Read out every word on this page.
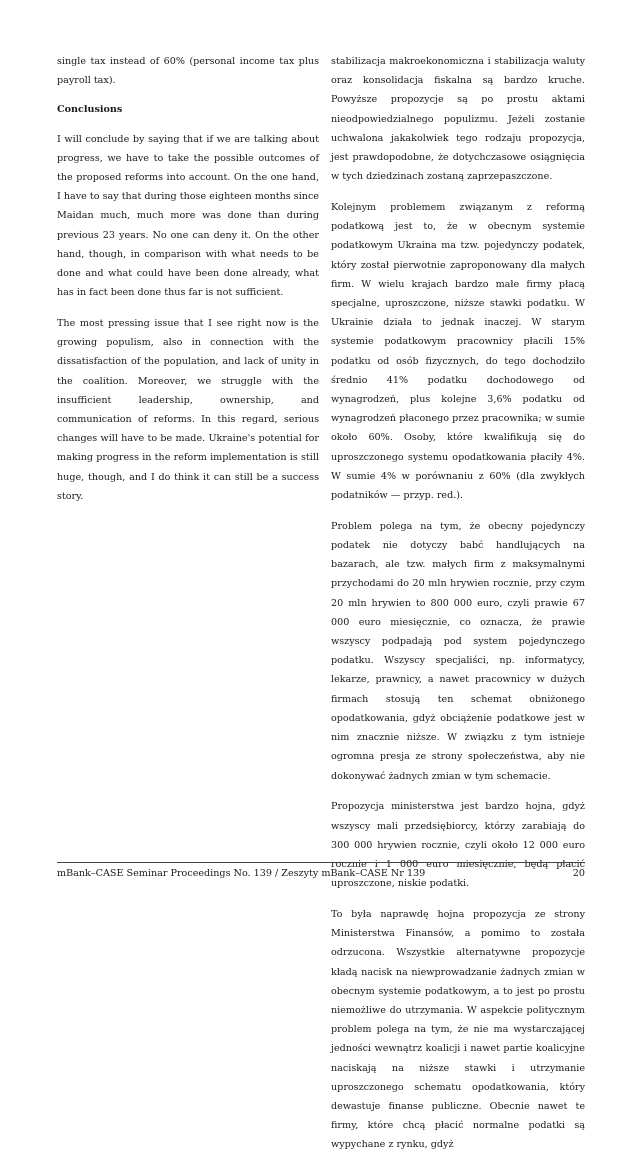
single tax instead of 60% (personal income tax plus payroll tax).

Conclusions

I will conclude by saying that if we are talking about progress, we have to take the possible outcomes of the proposed reforms into account. On the one hand, I have to say that during those eighteen months since Maidan much, much more was done than during previous 23 years. No one can deny it. On the other hand, though, in comparison with what needs to be done and what could have been done already, what has in fact been done thus far is not sufficient.

The most pressing issue that I see right now is the growing populism, also in connection with the dissatisfaction of the population, and lack of unity in the coalition. Moreover, we struggle with the insufficient leadership, ownership, and communication of reforms. In this regard, serious changes will have to be made. Ukraine's potential for making progress in the reform implementation is still huge, though, and I do think it can still be a success story.

stabilizacja makroekonomiczna i stabilizacja waluty oraz konsolidacja fiskalna są bardzo kruche. Powyższe propozycje są po prostu aktami nieodpowiedzialnego populizmu. Jeżeli zostanie uchwalona jakakolwiek tego rodzaju propozycja, jest prawdopodobne, że dotychczasowe osiągnięcia w tych dziedzinach zostaną zaprzepaszczone.

Kolejnym problemem związanym z reformą podatkową jest to, że w obecnym systemie podatkowym Ukraina ma tzw. pojedynczy podatek, który został pierwotnie zaproponowany dla małych firm. W wielu krajach bardzo małe firmy płacą specjalne, uproszczone, niższe stawki podatku. W Ukrainie działa to jednak inaczej. W starym systemie podatkowym pracownicy płacili 15% podatku od osób fizycznych, do tego dochodziło średnio 41% podatku dochodowego od wynagrodzeń, plus kolejne 3,6% podatku od wynagrodzeń płaconego przez pracownika; w sumie około 60%. Osoby, które kwalifikują się do uproszczonego systemu opodatkowania płaciły 4%. W sumie 4% w porównaniu z 60% (dla zwykłych podatników — przyp. red.).

Problem polega na tym, że obecny pojedynczy podatek nie dotyczy babć handlujących na bazarach, ale tzw. małych firm z maksymalnymi przychodami do 20 mln hrywien rocznie, przy czym 20 mln hrywien to 800 000 euro, czyli prawie 67 000 euro miesięcznie, co oznacza, że prawie wszyscy podpadają pod system pojedynczego podatku. Wszyscy specjaliści, np. informatycy, lekarze, prawnicy, a nawet pracownicy w dużych firmach stosują ten schemat obniżonego opodatkowania, gdyż obciążenie podatkowe jest w nim znacznie niższe. W związku z tym istnieje ogromna presja ze strony społeczeństwa, aby nie dokonywać żadnych zmian w tym schemacie.

Propozycja ministerstwa jest bardzo hojna, gdyż wszyscy mali przedsiębiorcy, którzy zarabiają do 300 000 hrywien rocznie, czyli około 12 000 euro rocznie i 1 000 euro miesięcznie, będą płacić uproszczone, niskie podatki.

To była naprawdę hojna propozycja ze strony Ministerstwa Finansów, a pomimo to została odrzucona. Wszystkie alternatywne propozycje kładą nacisk na niewprowadzanie żadnych zmian w obecnym systemie podatkowym, a to jest po prostu niemożliwe do utrzymania. W aspekcie politycznym problem polega na tym, że nie ma wystarczającej jedności wewnątrz koalicji i nawet partie koalicyjne naciskają na niższe stawki i utrzymanie uproszczonego schematu opodatkowania, który dewastuje finanse publiczne. Obecnie nawet te firmy, które chcą płacić normalne podatki są wypychane z rynku, gdyż

mBank–CASE Seminar Proceedings No. 139 / Zeszyty mBank–CASE Nr 139	20
